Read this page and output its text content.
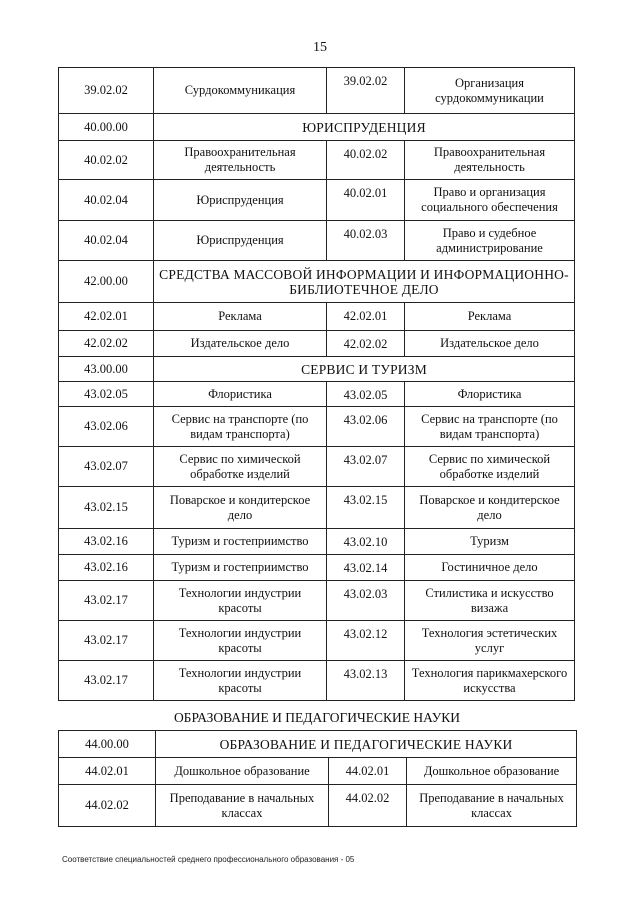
15
39.02.02	Сурдокоммуникация	39.02.02	Организация сурдокоммуникации
40.00.00	ЮРИСПРУДЕНЦИЯ		
40.02.02	Правоохранительная деятельность	40.02.02	Правоохранительная деятельность
40.02.04	Юриспруденция	40.02.01	Право и организация социального обеспечения
40.02.04	Юриспруденция	40.02.03	Право и судебное администрирование
42.00.00	СРЕДСТВА МАССОВОЙ ИНФОРМАЦИИ И ИНФОРМАЦИОННО-БИБЛИОТЕЧНОЕ ДЕЛО		
42.02.01	Реклама	42.02.01	Реклама
42.02.02	Издательское дело	42.02.02	Издательское дело
43.00.00	СЕРВИС И ТУРИЗМ		
43.02.05	Флористика	43.02.05	Флористика
43.02.06	Сервис на транспорте (по видам транспорта)	43.02.06	Сервис на транспорте (по видам транспорта)
43.02.07	Сервис по химической обработке изделий	43.02.07	Сервис по химической обработке изделий
43.02.15	Поварское и кондитерское дело	43.02.15	Поварское и кондитерское дело
43.02.16	Туризм и гостеприимство	43.02.10	Туризм
43.02.16	Туризм и гостеприимство	43.02.14	Гостиничное дело
43.02.17	Технологии индустрии красоты	43.02.03	Стилистика и искусство визажа
43.02.17	Технологии индустрии красоты	43.02.12	Технология эстетических услуг
43.02.17	Технологии индустрии красоты	43.02.13	Технология парикмахерского искусства
ОБРАЗОВАНИЕ И ПЕДАГОГИЧЕСКИЕ НАУКИ
44.00.00	ОБРАЗОВАНИЕ И ПЕДАГОГИЧЕСКИЕ НАУКИ		
44.02.01	Дошкольное образование	44.02.01	Дошкольное образование
44.02.02	Преподавание в начальных классах	44.02.02	Преподавание в начальных классах
Соответствие специальностей среднего профессионального образования - 05
